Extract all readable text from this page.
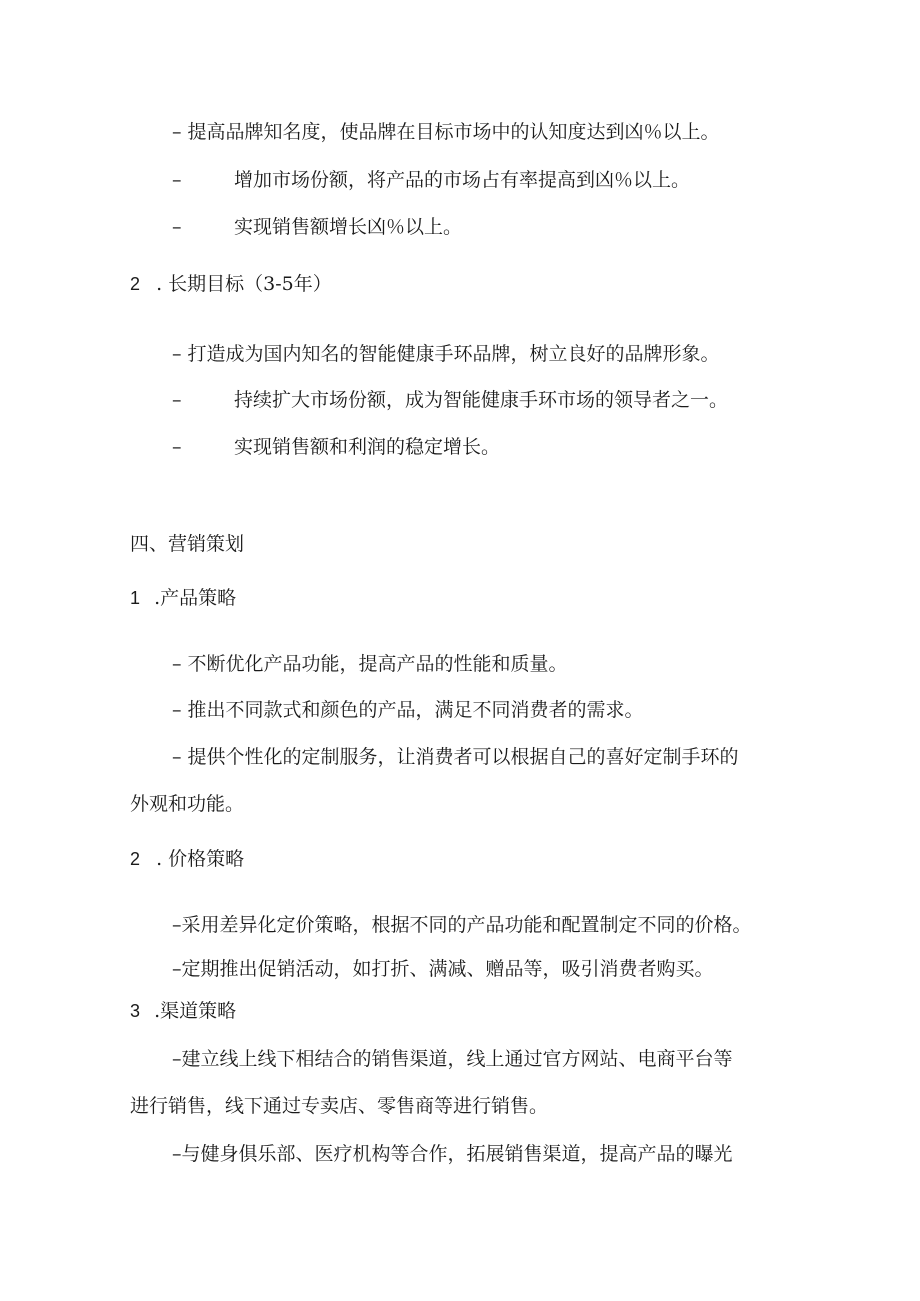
– 提高品牌知名度，使品牌在目标市场中的认知度达到凶％以上。
–	增加市场份额，将产品的市场占有率提高到凶％以上。
–	实现销售额增长凶％以上。
2 . 长期目标（3-5年）
– 打造成为国内知名的智能健康手环品牌，树立良好的品牌形象。
–	持续扩大市场份额，成为智能健康手环市场的领导者之一。
–	实现销售额和利润的稳定增长。
四、营销策划
1 .产品策略
– 不断优化产品功能，提高产品的性能和质量。
– 推出不同款式和颜色的产品，满足不同消费者的需求。
– 提供个性化的定制服务，让消费者可以根据自己的喜好定制手环的
外观和功能。
2 . 价格策略
–采用差异化定价策略，根据不同的产品功能和配置制定不同的价格。
–定期推出促销活动，如打折、满减、赠品等，吸引消费者购买。
3 .渠道策略
–建立线上线下相结合的销售渠道，线上通过官方网站、电商平台等
进行销售，线下通过专卖店、零售商等进行销售。
–与健身俱乐部、医疗机构等合作，拓展销售渠道，提高产品的曝光
